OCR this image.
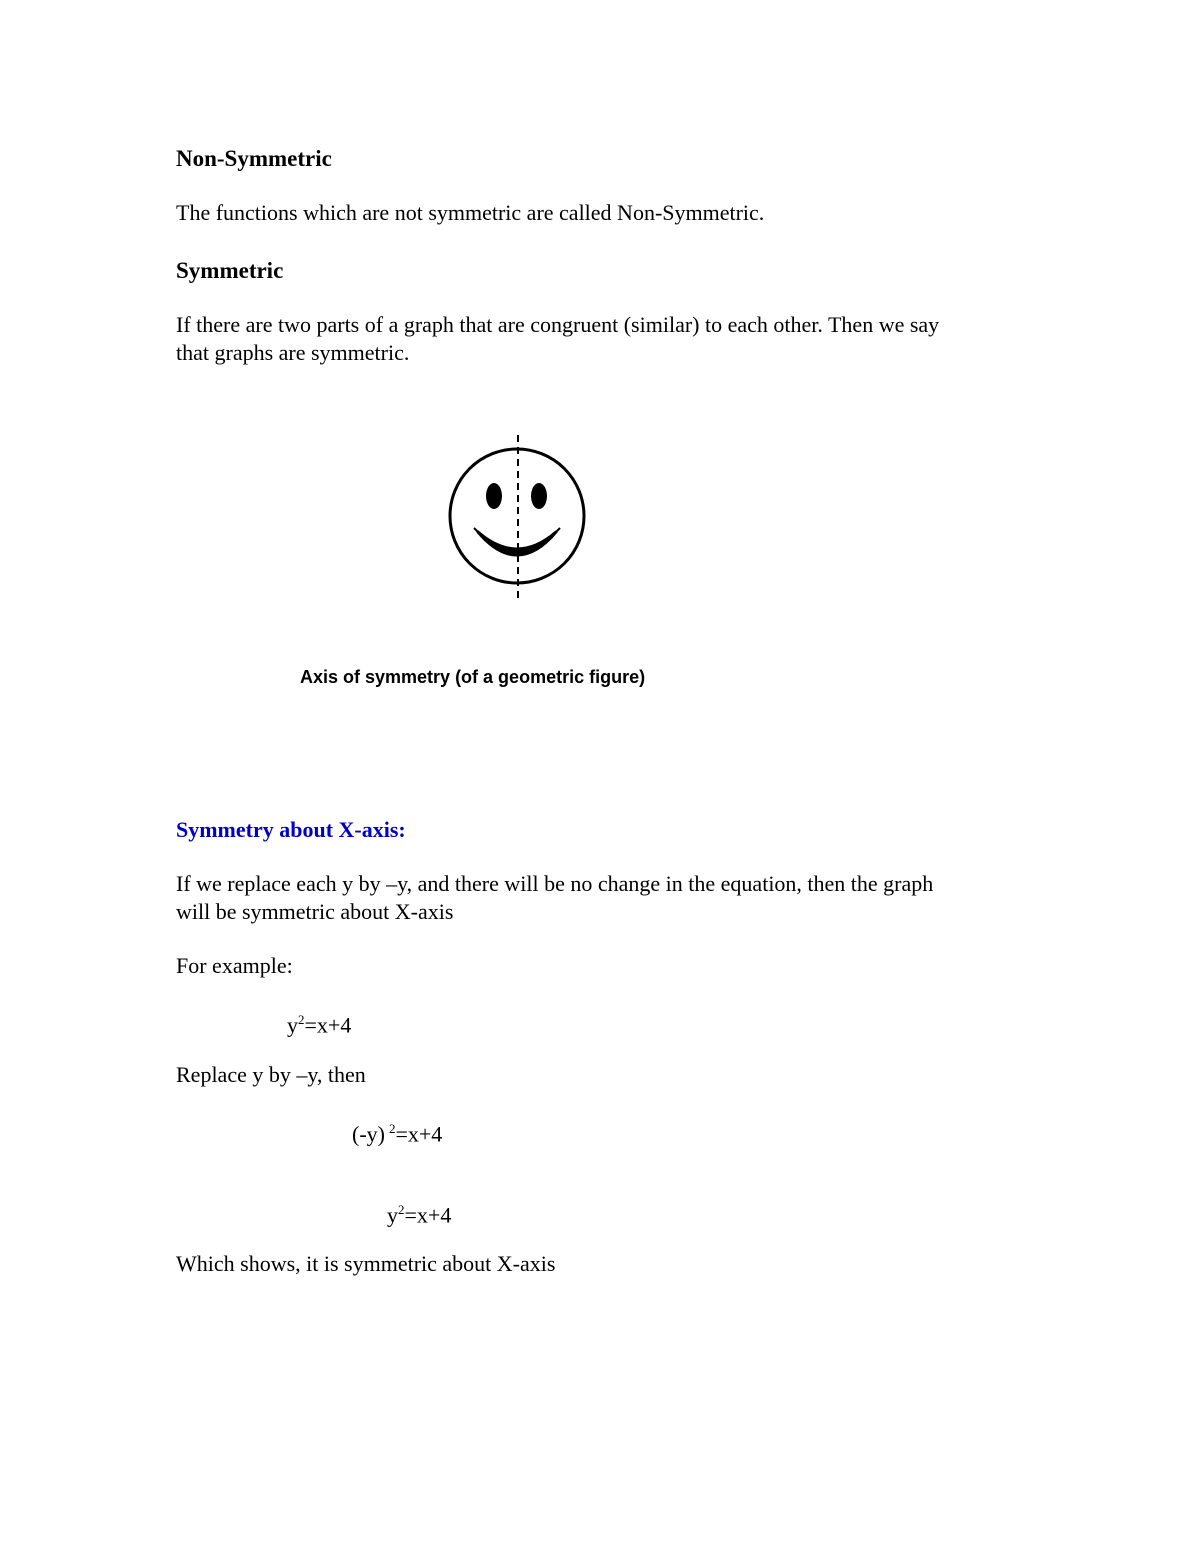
Non-Symmetric
The functions which are not symmetric are called Non-Symmetric.
Symmetric
If there are two parts of a graph that are congruent (similar) to each other. Then we say
that graphs are symmetric.
Axis of symmetry (of a geometric figure)
Symmetry about X-axis:
If we replace each y by –y, and there will be no change in the equation, then the graph
will be symmetric about X-axis
For example:
$y^2=x+4$
Replace y by –y, then
(-y) $^2$=x+4
$y^2=x+4$
Which shows, it is symmetric about X-axis
